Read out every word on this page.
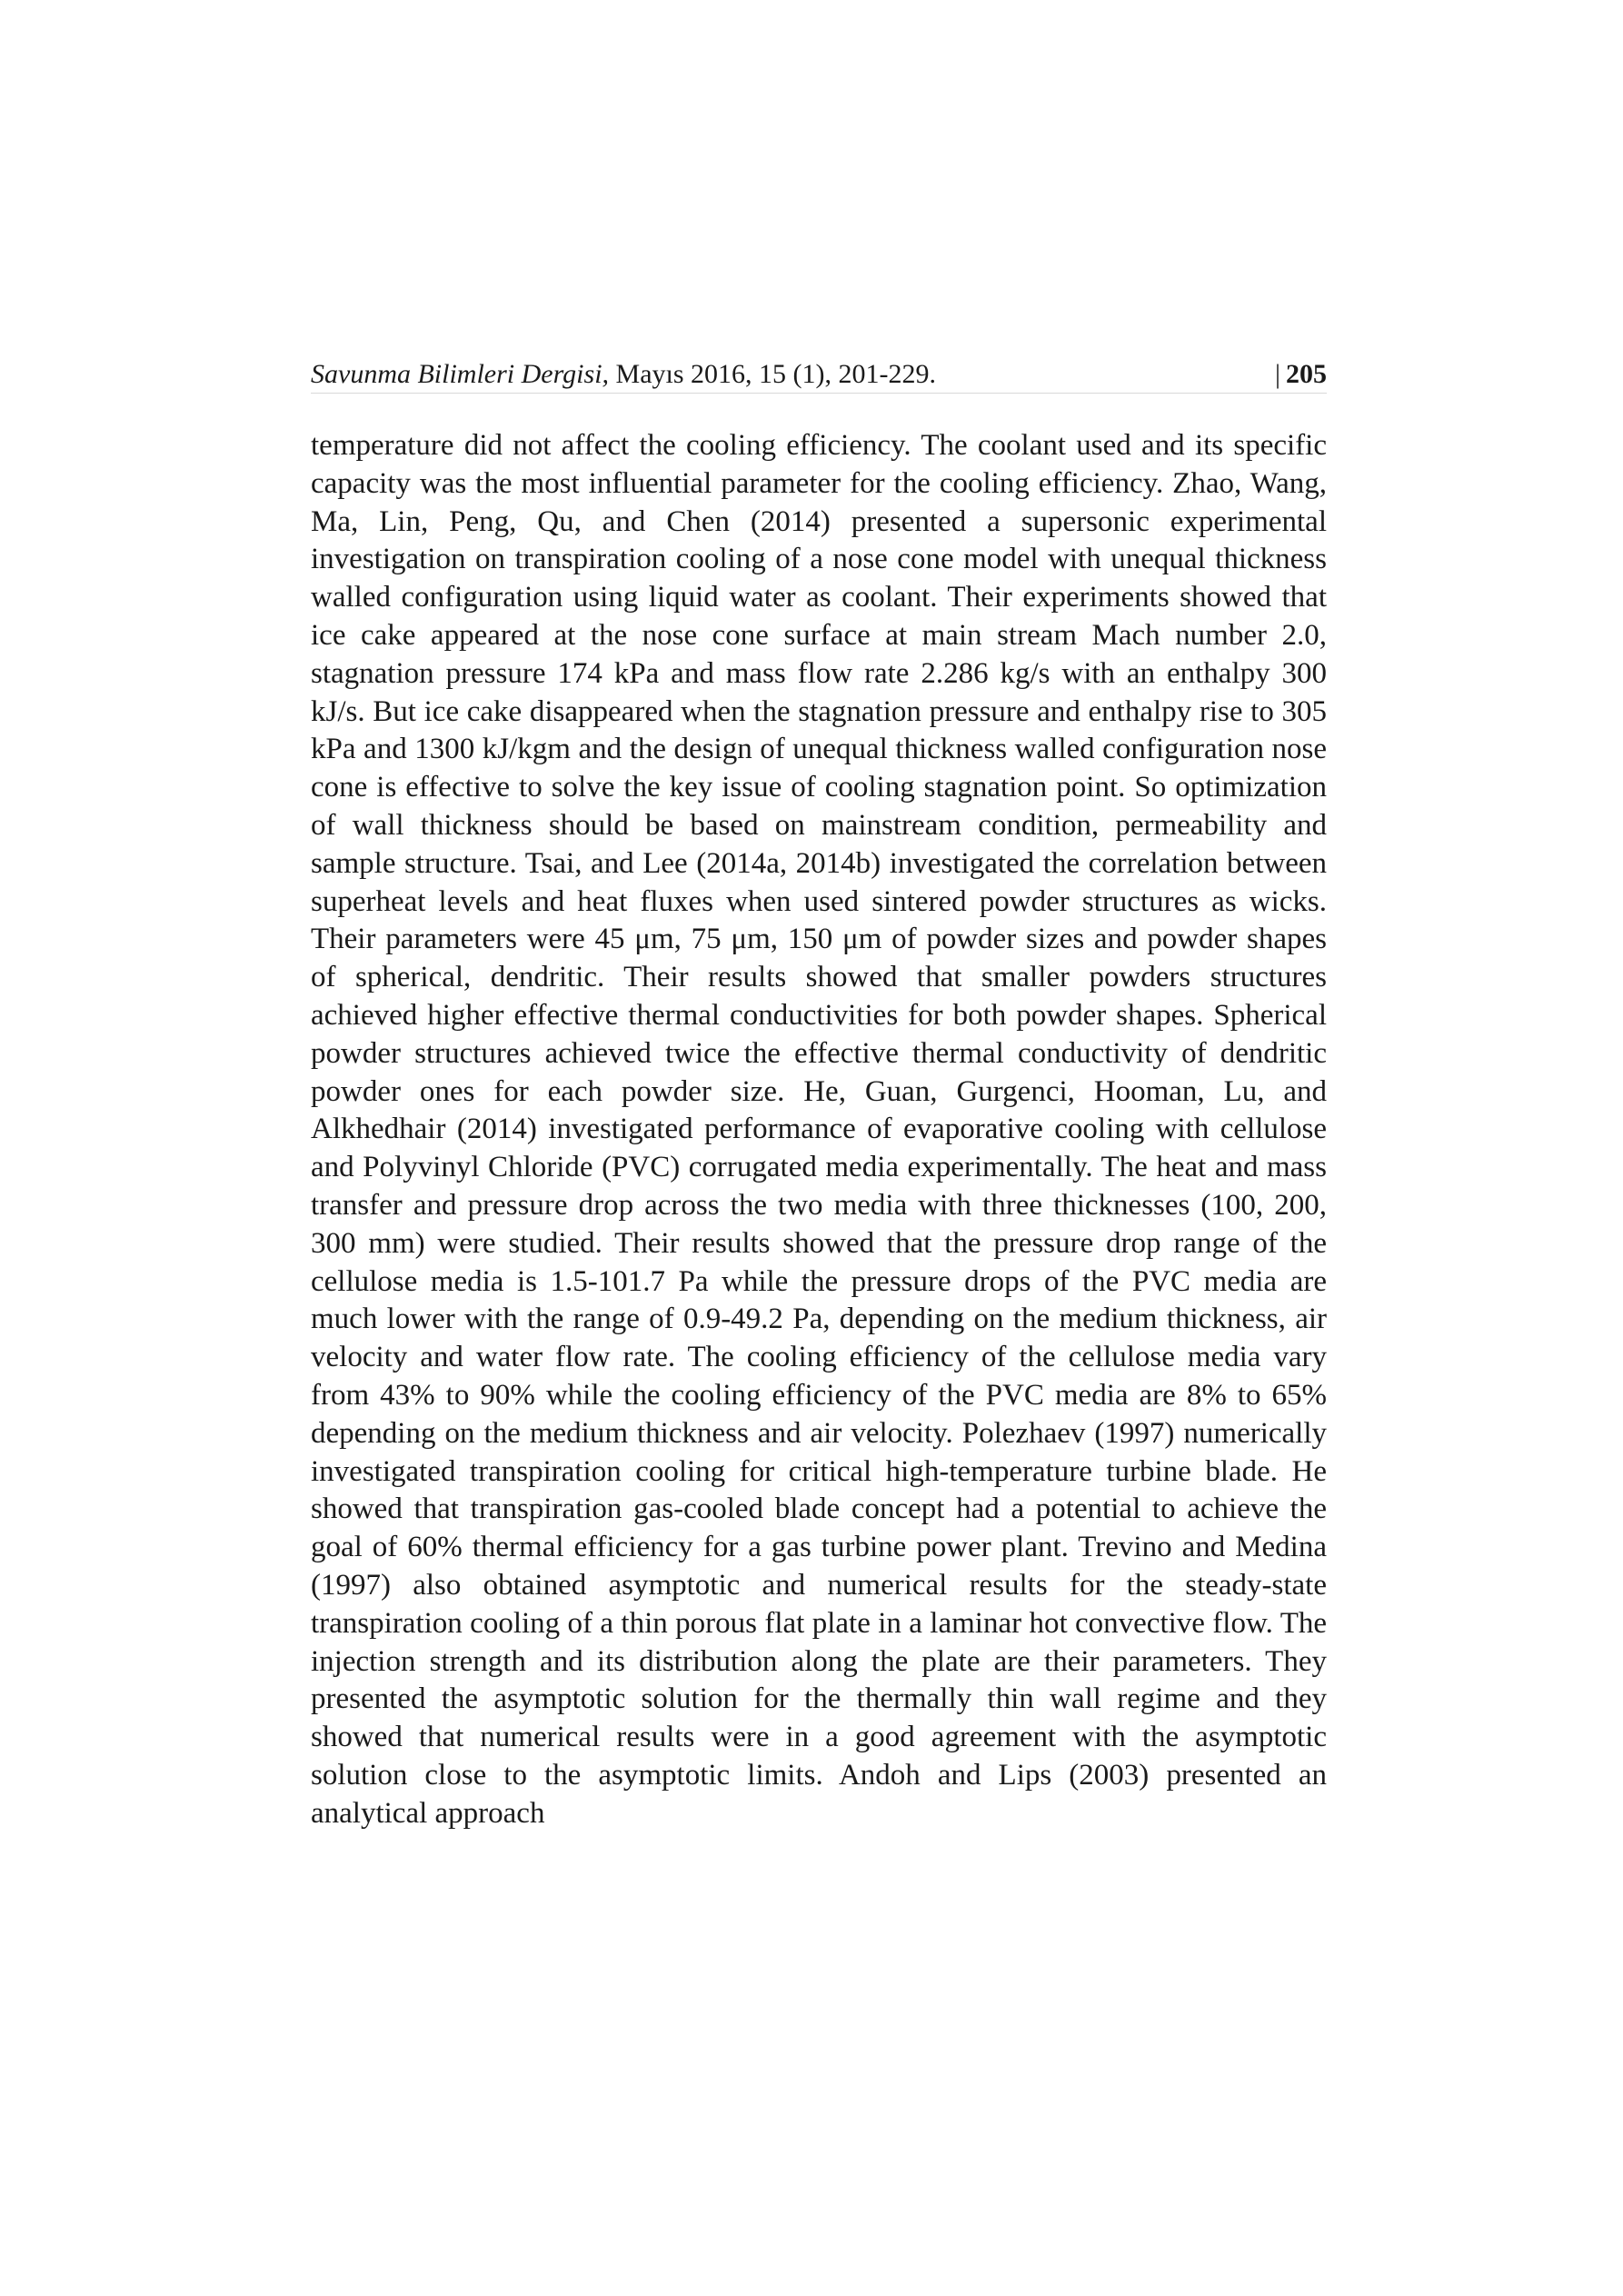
Savunma Bilimleri Dergisi, Mayıs 2016, 15 (1), 201-229.	| 205

temperature did not affect the cooling efficiency. The coolant used and its specific capacity was the most influential parameter for the cooling efficiency. Zhao, Wang, Ma, Lin, Peng, Qu, and Chen (2014) presented a supersonic experimental investigation on transpiration cooling of a nose cone model with unequal thickness walled configuration using liquid water as coolant. Their experiments showed that ice cake appeared at the nose cone surface at main stream Mach number 2.0, stagnation pressure 174 kPa and mass flow rate 2.286 kg/s with an enthalpy 300 kJ/s. But ice cake disappeared when the stagnation pressure and enthalpy rise to 305 kPa and 1300 kJ/kgm and the design of unequal thickness walled configuration nose cone is effective to solve the key issue of cooling stagnation point. So optimization of wall thickness should be based on mainstream condition, permeability and sample structure. Tsai, and Lee (2014a, 2014b) investigated the correlation between superheat levels and heat fluxes when used sintered powder structures as wicks. Their parameters were 45 μm, 75 μm, 150 μm of powder sizes and powder shapes of spherical, dendritic. Their results showed that smaller powders structures achieved higher effective thermal conductivities for both powder shapes. Spherical powder structures achieved twice the effective thermal conductivity of dendritic powder ones for each powder size. He, Guan, Gurgenci, Hooman, Lu, and Alkhedhair (2014) investigated performance of evaporative cooling with cellulose and Polyvinyl Chloride (PVC) corrugated media experimentally. The heat and mass transfer and pressure drop across the two media with three thicknesses (100, 200, 300 mm) were studied. Their results showed that the pressure drop range of the cellulose media is 1.5-101.7 Pa while the pressure drops of the PVC media are much lower with the range of 0.9-49.2 Pa, depending on the medium thickness, air velocity and water flow rate. The cooling efficiency of the cellulose media vary from 43% to 90% while the cooling efficiency of the PVC media are 8% to 65% depending on the medium thickness and air velocity. Polezhaev (1997) numerically investigated transpiration cooling for critical high-temperature turbine blade. He showed that transpiration gas-cooled blade concept had a potential to achieve the goal of 60% thermal efficiency for a gas turbine power plant. Trevino and Medina (1997) also obtained asymptotic and numerical results for the steady-state transpiration cooling of a thin porous flat plate in a laminar hot convective flow. The injection strength and its distribution along the plate are their parameters. They presented the asymptotic solution for the thermally thin wall regime and they showed that numerical results were in a good agreement with the asymptotic solution close to the asymptotic limits. Andoh and Lips (2003) presented an analytical approach
